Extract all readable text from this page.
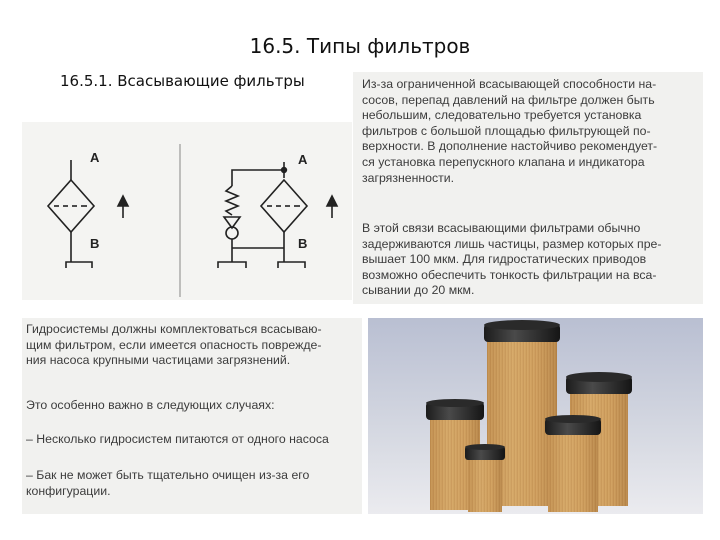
16.5. Типы фильтров
16.5.1. Всасывающие фильтры
A
B
A
B

Из-за ограниченной всасывающей способности на-
сосов, перепад давлений на фильтре должен быть
небольшим, следовательно требуется установка
фильтров с большой площадью фильтрующей по-
верхности. В дополнение настойчиво рекомендует-
ся установка перепускного клапана и индикатора
загрязненности.

В этой связи всасывающими фильтрами обычно
задерживаются лишь частицы, размер которых пре-
вышает 100 мкм. Для гидростатических приводов
возможно обеспечить тонкость фильтрации на вса-
сывании до 20 мкм.

Гидросистемы должны комплектоваться всасываю-
щим фильтром, если имеется опасность поврежде-
ния насоса крупными частицами загрязнений.

Это особенно важно в следующих случаях:

– Несколько гидросистем питаются от одного насоса

– Бак не может быть тщательно очищен из-за его
конфигурации.
